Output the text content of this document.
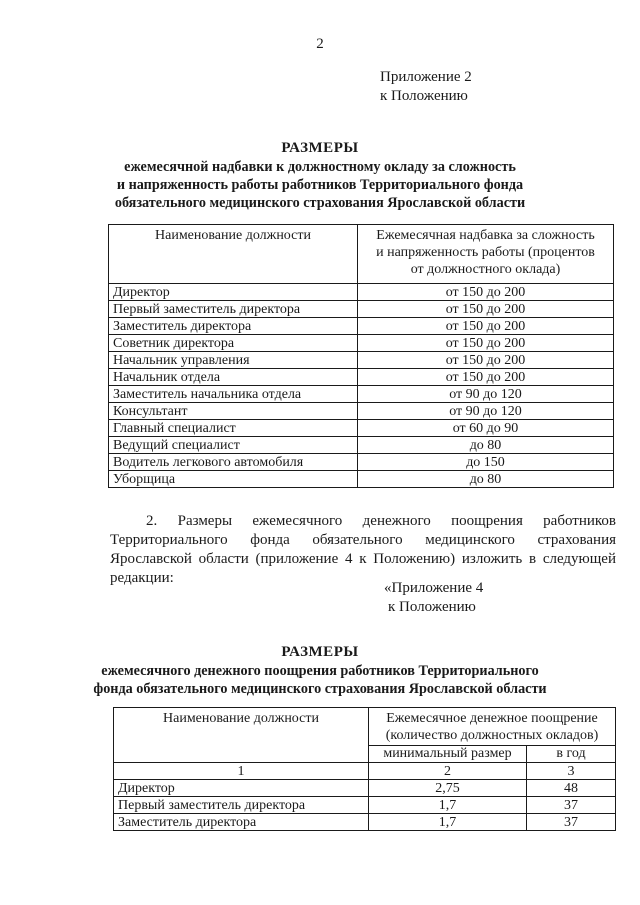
2
Приложение 2
к Положению
РАЗМЕРЫ
ежемесячной надбавки к должностному окладу за сложность
и напряженность работы работников Территориального фонда
обязательного медицинского страхования Ярославской области
Наименование должности	Ежемесячная надбавка за сложность
и напряженность работы (процентов
от должностного оклада)

Директор	от 150 до 200
Первый заместитель директора	от 150 до 200
Заместитель директора	от 150 до 200
Советник директора	от 150 до 200
Начальник управления	от 150 до 200
Начальник отдела	от 150 до 200
Заместитель начальника отдела	от 90 до 120
Консультант	от 90 до 120
Главный специалист	от 60 до 90
Ведущий специалист	до 80
Водитель легкового автомобиля	до 150
Уборщица	до 80
2. Размеры ежемесячного денежного поощрения работников
Территориального фонда обязательного медицинского страхования
Ярославской области (приложение 4 к Положению) изложить в следующей
редакции:
«Приложение 4
к Положению
РАЗМЕРЫ
ежемесячного денежного поощрения работников Территориального
фонда обязательного медицинского страхования Ярославской области
Наименование должности	Ежемесячное денежное поощрение
(количество должностных окладов)	

	минимальный размер	в год
1	2	3
Директор	2,75	48
Первый заместитель директора	1,7	37
Заместитель директора	1,7	37
